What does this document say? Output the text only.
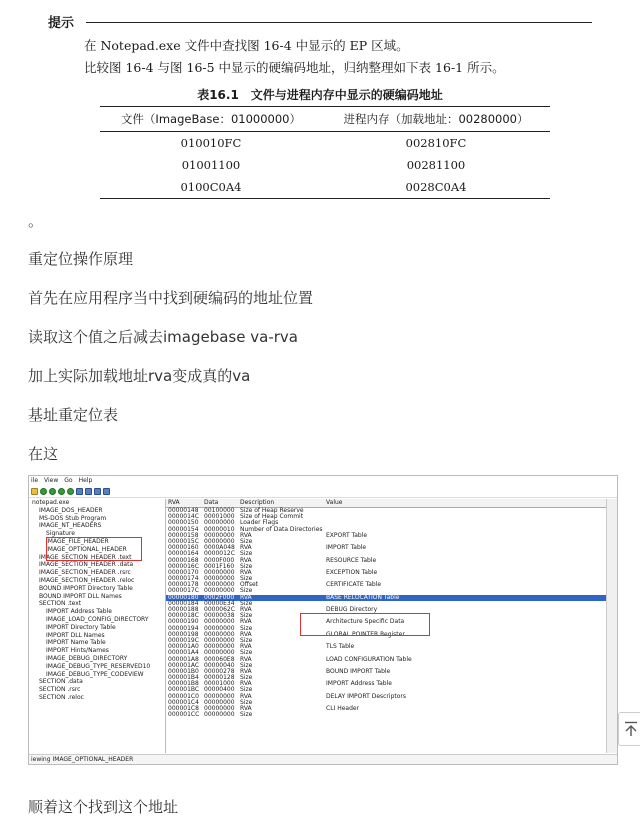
提示
在 Notepad.exe 文件中查找图 16-4 中显示的 EP 区域。
比较图 16-4 与图 16-5 中显示的硬编码地址，归纳整理如下表 16-1 所示。
表16.1　文件与进程内存中显示的硬编码地址
文件（ImageBase：01000000）	进程内存（加载地址：00280000）
010010FC	002810FC
01001100	00281100
0100C0A4	0028C0A4
。
重定位操作原理
首先在应用程序当中找到硬编码的地址位置
读取这个值之后减去imagebase va-rva
加上实际加载地址rva变成真的va
基址重定位表
在这
ile View Go Help
notepad.exe
IMAGE_DOS_HEADER
MS-DOS Stub Program
IMAGE_NT_HEADERS
Signature
IMAGE_FILE_HEADER
IMAGE_OPTIONAL_HEADER
IMAGE_SECTION_HEADER .text
IMAGE_SECTION_HEADER .data
IMAGE_SECTION_HEADER .rsrc
IMAGE_SECTION_HEADER .reloc
BOUND IMPORT Directory Table
BOUND IMPORT DLL Names
SECTION .text
IMPORT Address Table
IMAGE_LOAD_CONFIG_DIRECTORY
IMPORT Directory Table
IMPORT DLL Names
IMPORT Name Table
IMPORT Hints/Names
IMAGE_DEBUG_DIRECTORY
IMAGE_DEBUG_TYPE_RESERVED10
IMAGE_DEBUG_TYPE_CODEVIEW
SECTION .data
SECTION .rsrc
SECTION .reloc
RVA	Data	Description	Value
00000148 00100000 Size of Heap Reserve
0000014C 00001000 Size of Heap Commit
00000150 00000000 Loader Flags
00000154 00000010 Number of Data Directories
00000158 00000000 RVA	EXPORT Table
0000015C 00000000 Size
00000160 0000A048 RVA	IMPORT Table
00000164 0000012C Size
00000168 0000F000 RVA	RESOURCE Table
0000016C 0001F160 Size
00000170 00000000 RVA	EXCEPTION Table
00000174 00000000 Size
00000178 00000000 Offset	CERTIFICATE Table
0000017C 00000000 Size
00000180 0002F000 RVA	BASE RELOCATION Table
00000184 00000E34 Size
00000188 0000062C RVA	DEBUG Directory
0000018C 00000038 Size
00000190 00000000 RVA	Architecture Specific Data
00000194 00000000 Size
00000198 00000000 RVA	GLOBAL POINTER Register
0000019C 00000000 Size
000001A0 00000000 RVA	TLS Table
000001A4 00000000 Size
000001A8 000060E8 RVA	LOAD CONFIGURATION Table
000001AC 00000040 Size
000001B0 00000278 RVA	BOUND IMPORT Table
000001B4 00000128 Size
000001B8 00001000 RVA	IMPORT Address Table
000001BC 00000400 Size
000001C0 00000000 RVA	DELAY IMPORT Descriptors
000001C4 00000000 Size
000001C8 00000000 RVA	CLI Header
000001CC 00000000 Size
iewing IMAGE_OPTIONAL_HEADER
顺着这个找到这个地址
